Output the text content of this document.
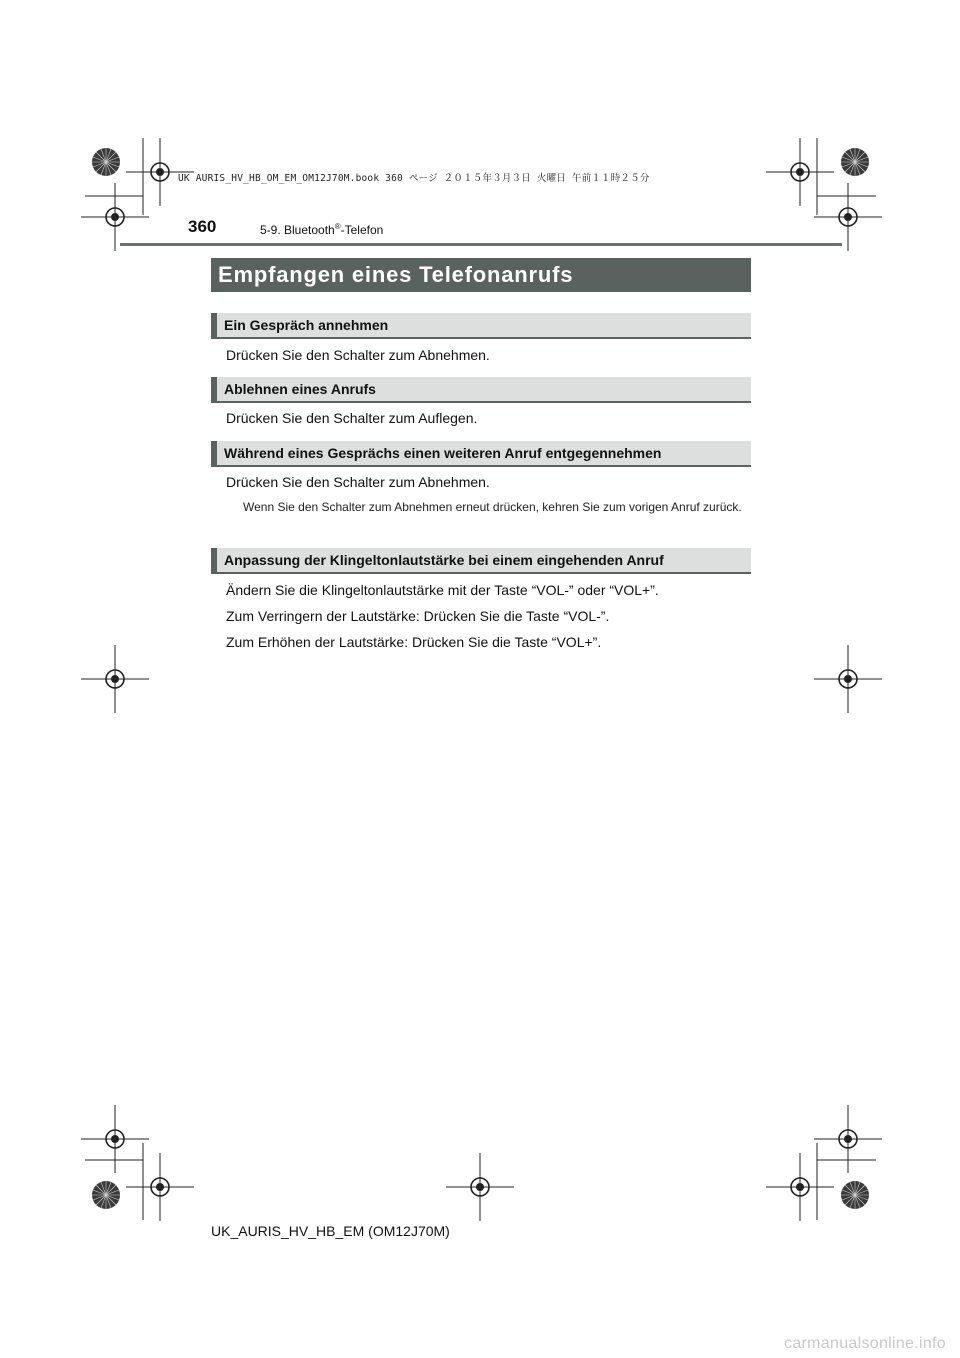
UK AURIS_HV_HB_OM_EM_OM12J70M.book 360 ページ ２０１５年３月３日 火曜日 午前１１時２５分
360	5-9. Bluetooth®-Telefon
Empfangen eines Telefonanrufs
Ein Gespräch annehmen
Drücken Sie den Schalter zum Abnehmen.
Ablehnen eines Anrufs
Drücken Sie den Schalter zum Auflegen.
Während eines Gesprächs einen weiteren Anruf entgegennehmen
Drücken Sie den Schalter zum Abnehmen.
Wenn Sie den Schalter zum Abnehmen erneut drücken, kehren Sie zum vorigen Anruf zurück.
Anpassung der Klingeltonlautstärke bei einem eingehenden Anruf
Ändern Sie die Klingeltonlautstärke mit der Taste “VOL-” oder “VOL+”.
Zum Verringern der Lautstärke: Drücken Sie die Taste “VOL-”.
Zum Erhöhen der Lautstärke: Drücken Sie die Taste “VOL+”.
UK_AURIS_HV_HB_EM (OM12J70M)
carmanualsonline.info
